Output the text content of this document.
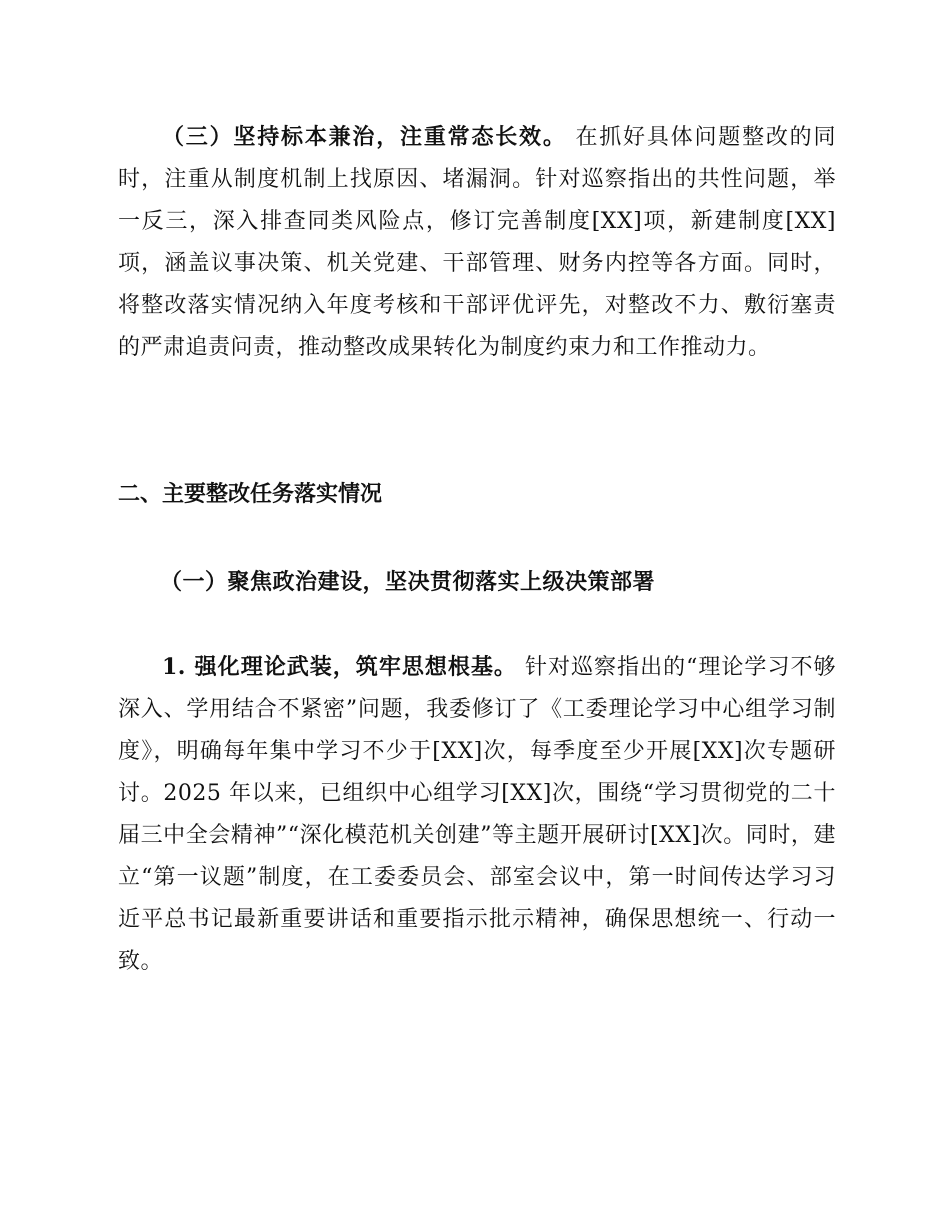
（三）坚持标本兼治，注重常态长效。 在抓好具体问题整改的同时，注重从制度机制上找原因、堵漏洞。针对巡察指出的共性问题，举一反三，深入排查同类风险点，修订完善制度[XX]项，新建制度[XX]项，涵盖议事决策、机关党建、干部管理、财务内控等各方面。同时，将整改落实情况纳入年度考核和干部评优评先，对整改不力、敷衍塞责的严肃追责问责，推动整改成果转化为制度约束力和工作推动力。

二、主要整改任务落实情况
（一）聚焦政治建设，坚决贯彻落实上级决策部署

1. 强化理论武装，筑牢思想根基。 针对巡察指出的“理论学习不够深入、学用结合不紧密”问题，我委修订了《工委理论学习中心组学习制度》，明确每年集中学习不少于[XX]次，每季度至少开展[XX]次专题研讨。2025 年以来，已组织中心组学习[XX]次，围绕“学习贯彻党的二十届三中全会精神”“深化模范机关创建”等主题开展研讨[XX]次。同时，建立“第一议题”制度，在工委委员会、部室会议中，第一时间传达学习习近平总书记最新重要讲话和重要指示批示精神，确保思想统一、行动一致。
